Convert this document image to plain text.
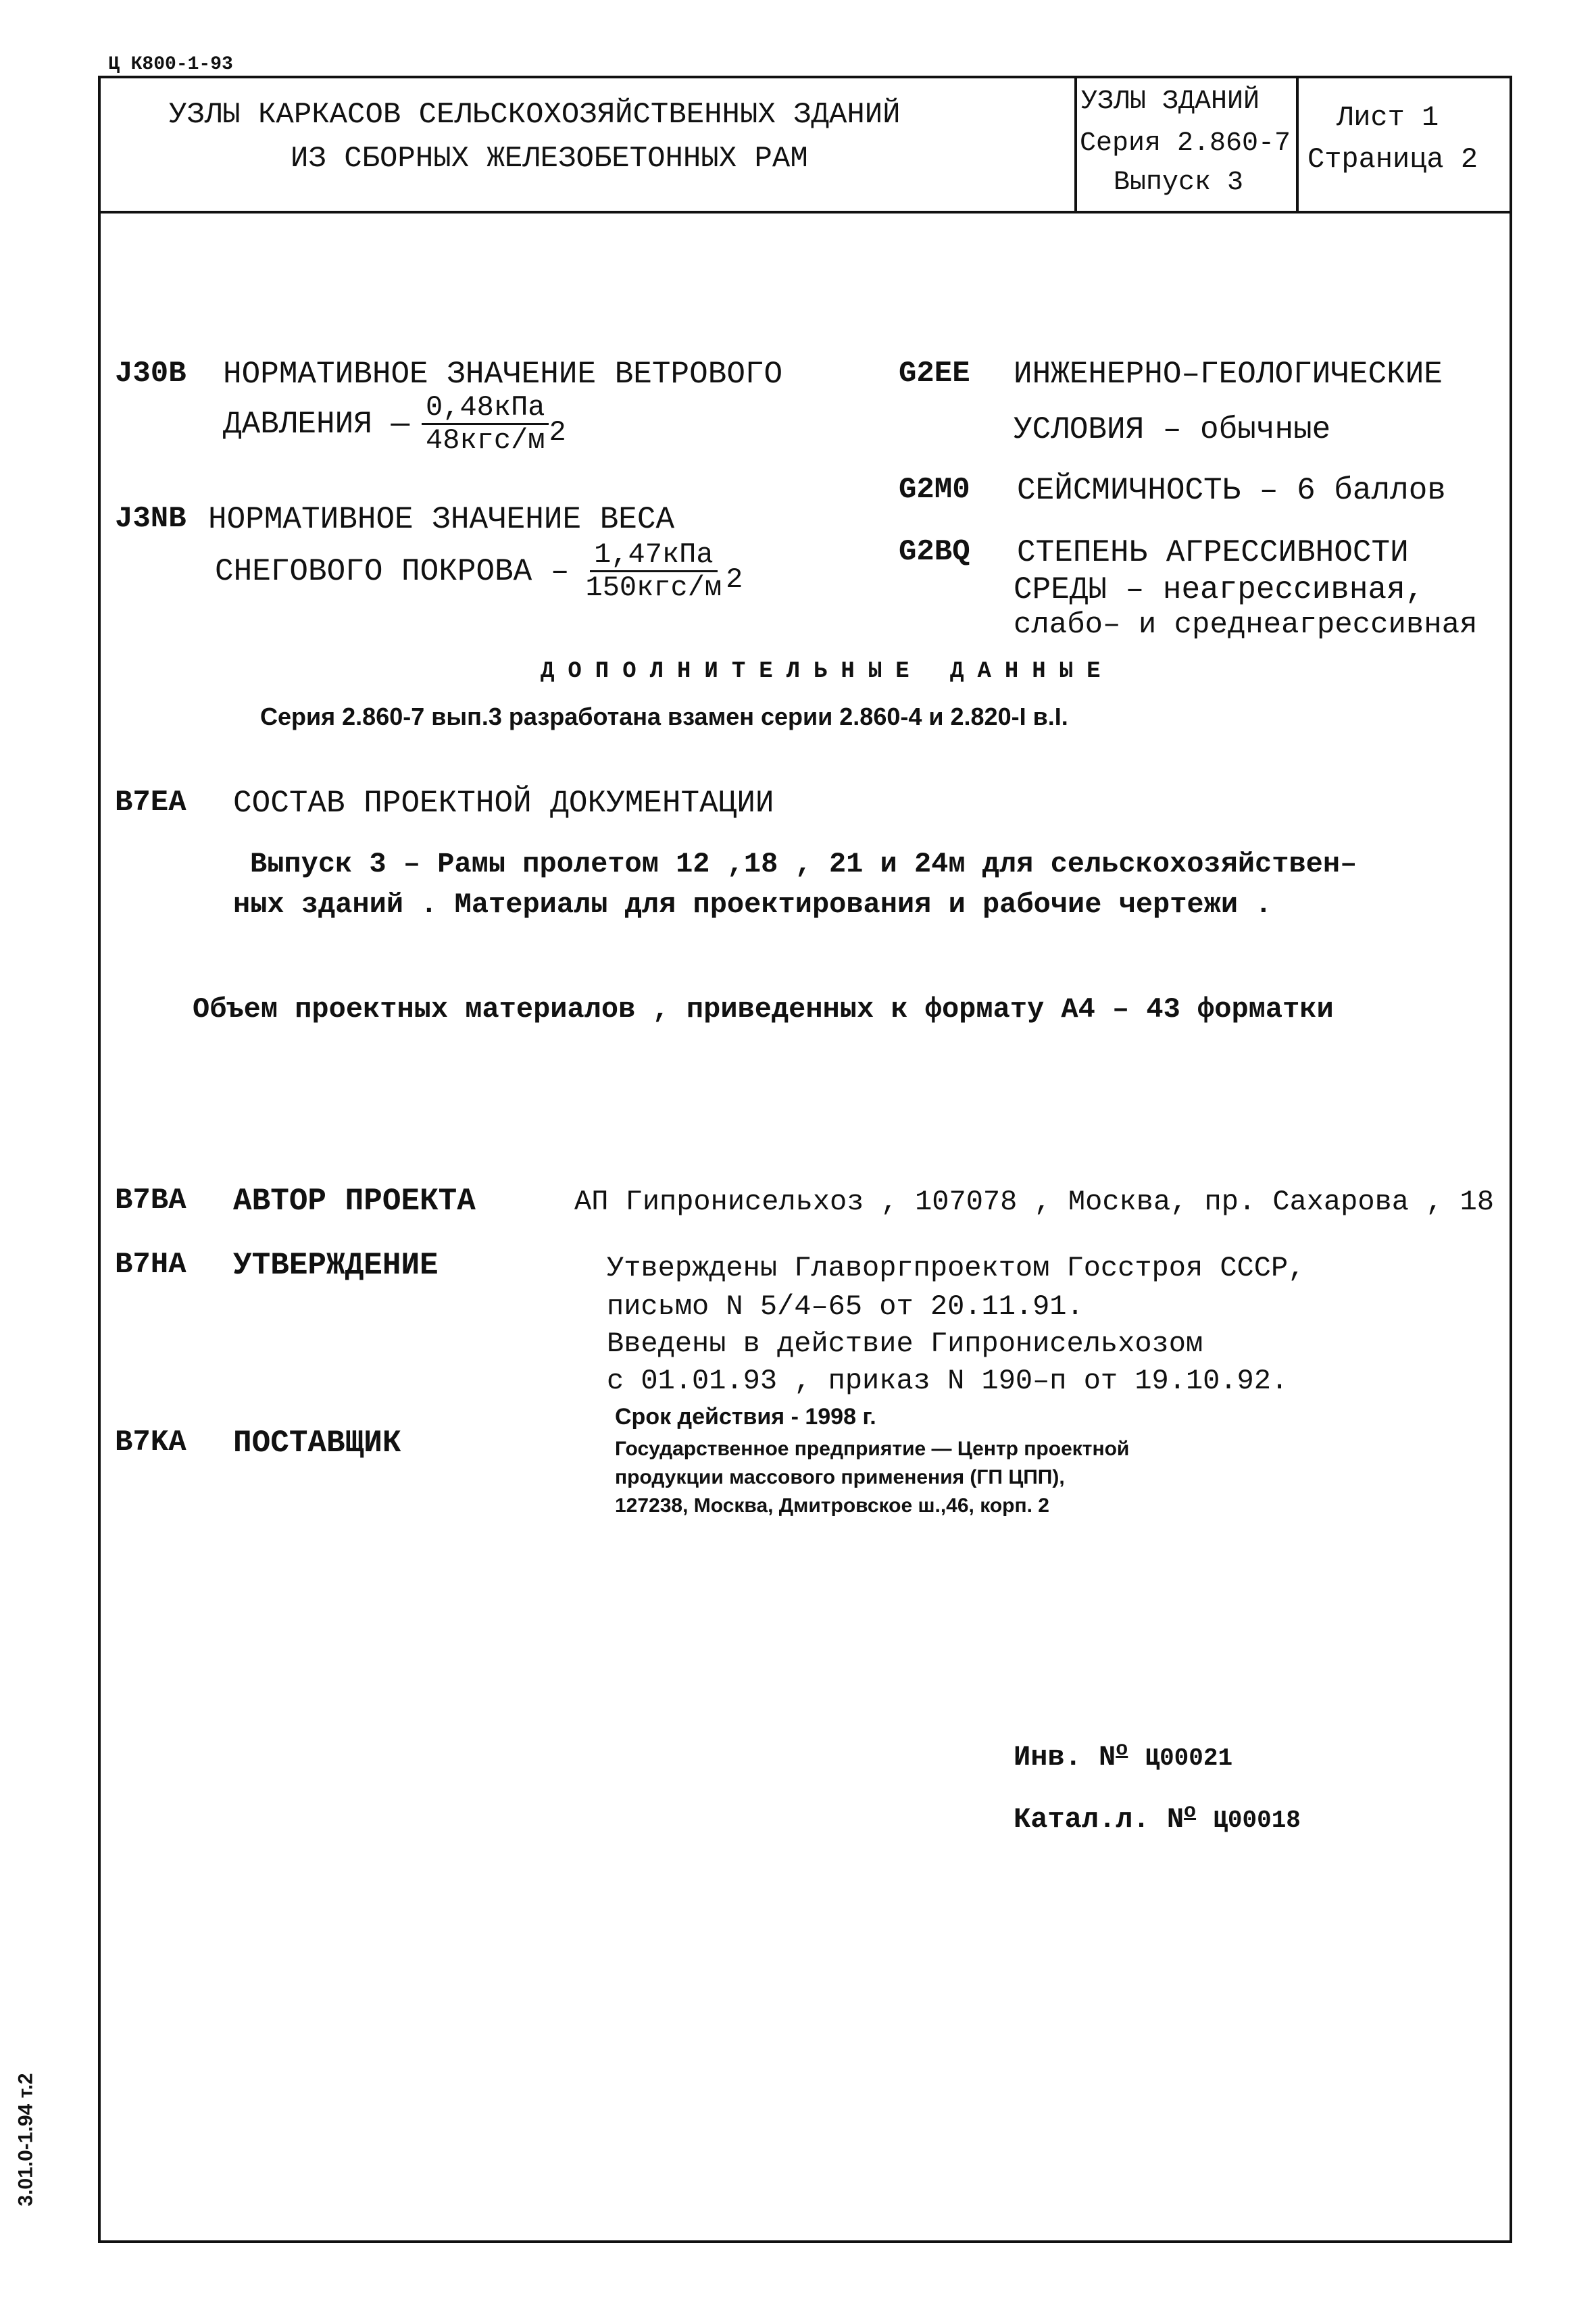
Ц К800-1-93
УЗЛЫ КАРКАСОВ СЕЛЬСКОХОЗЯЙСТВЕННЫХ ЗДАНИЙ
ИЗ СБОРНЫХ ЖЕЛЕЗОБЕТОННЫХ РАМ
УЗЛЫ ЗДАНИЙ
Серия 2.860-7
Выпуск 3
Лист 1
Страница 2
J30B НОРМАТИВНОЕ ЗНАЧЕНИЕ ВЕТРОВОГО
ДАВЛЕНИЯ — $\frac{\text{0,48кПа}}{\text{48кгс/м}} 2$
J3NB НОРМАТИВНОЕ ЗНАЧЕНИЕ ВЕСА
СНЕГОВОГО ПОКРОВА – $\frac{\text{1,47кПа}}{\text{150кгс/м}} 2$
G2EE ИНЖЕНЕРНО–ГЕОЛОГИЧЕСКИЕ
УСЛОВИЯ – обычные
G2M0 СЕЙСМИЧНОСТЬ – 6 баллов
G2BQ СТЕПЕНЬ АГРЕССИВНОСТИ
СРЕДЫ – неагрессивная,
слабо– и среднеагрессивная
ДОПОЛНИТЕЛЬНЫЕ ДАННЫЕ
Серия 2.860-7 вып.3 разработана взамен серии 2.860-4 и 2.820-I в.I.
B7EA СОСТАВ ПРОЕКТНОЙ ДОКУМЕНТАЦИИ
Выпуск 3 – Рамы пролетом 12 ,18 , 21 и 24м для сельскохозяйствен–
ных зданий . Материалы для проектирования и рабочие чертежи .
Объем проектных материалов , приведенных к формату А4 – 43 форматки
B7BA АВТОР ПРОЕКТА	АП Гипронисельхоз , 107078 , Москва, пр. Сахарова , 18
B7HA УТВЕРЖДЕНИЕ	Утверждены Главоргпроектом Госстроя СССР,
письмо N 5/4–65 от 20.11.91.
Введены в действие Гипронисельхозом
с 01.01.93 , приказ N 190–п от 19.10.92.
Срок действия - 1998 г.
B7KA ПОСТАВЩИК	Государственное предприятие — Центр проектной
продукции массового применения (ГП ЦПП),
127238, Москва, Дмитровское ш.,46, корп. 2
Инв. $N^о$ Ц00021
Катал.л. $N^о$ Ц00018
3.01.0-1.94 т.2
